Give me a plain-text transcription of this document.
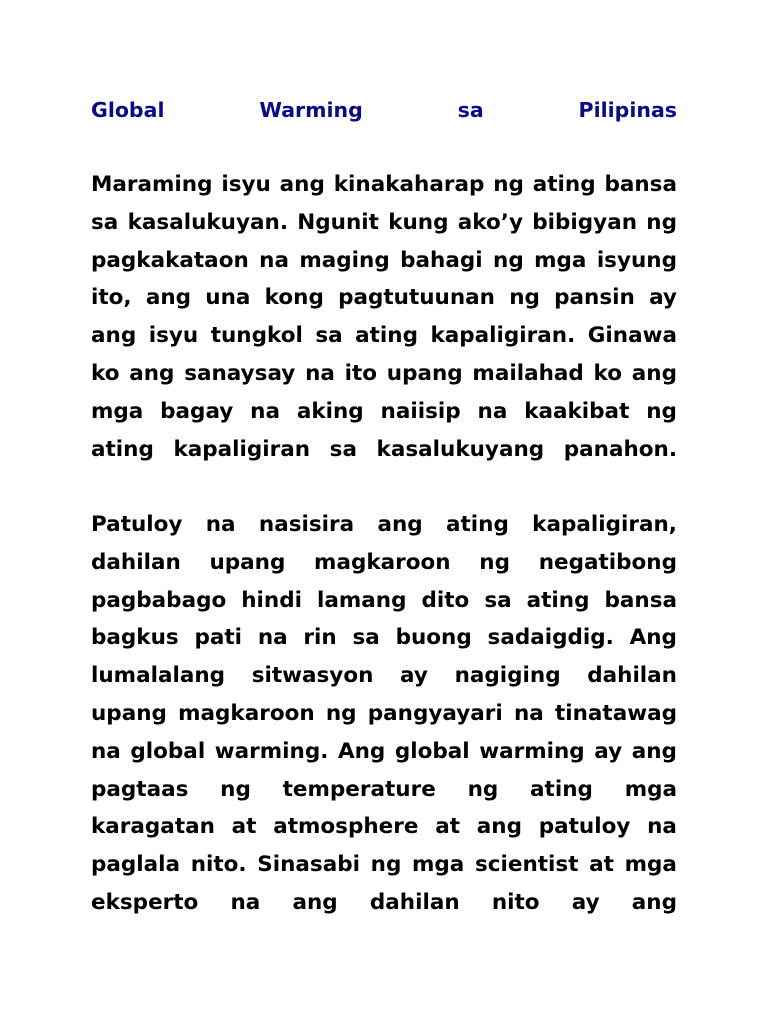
Global	Warming	sa	Pilipinas
Maraming isyu ang kinakaharap ng ating bansa
sa kasalukuyan. Ngunit kung ako’y bibigyan ng
pagkakataon na maging bahagi ng mga isyung
ito, ang una kong pagtutuunan ng pansin ay
ang isyu tungkol sa ating kapaligiran. Ginawa
ko ang sanaysay na ito upang mailahad ko ang
mga bagay na aking naiisip na kaakibat ng
ating kapaligiran sa kasalukuyang panahon.
Patuloy na nasisira ang ating kapaligiran,
dahilan upang magkaroon ng negatibong
pagbabago hindi lamang dito sa ating bansa
bagkus pati na rin sa buong sadaigdig. Ang
lumalalang sitwasyon ay nagiging dahilan
upang magkaroon ng pangyayari na tinatawag
na global warming. Ang global warming ay ang
pagtaas ng temperature ng ating mga
karagatan at atmosphere at ang patuloy na
paglala nito. Sinasabi ng mga scientist at mga
eksperto na ang dahilan nito ay ang
